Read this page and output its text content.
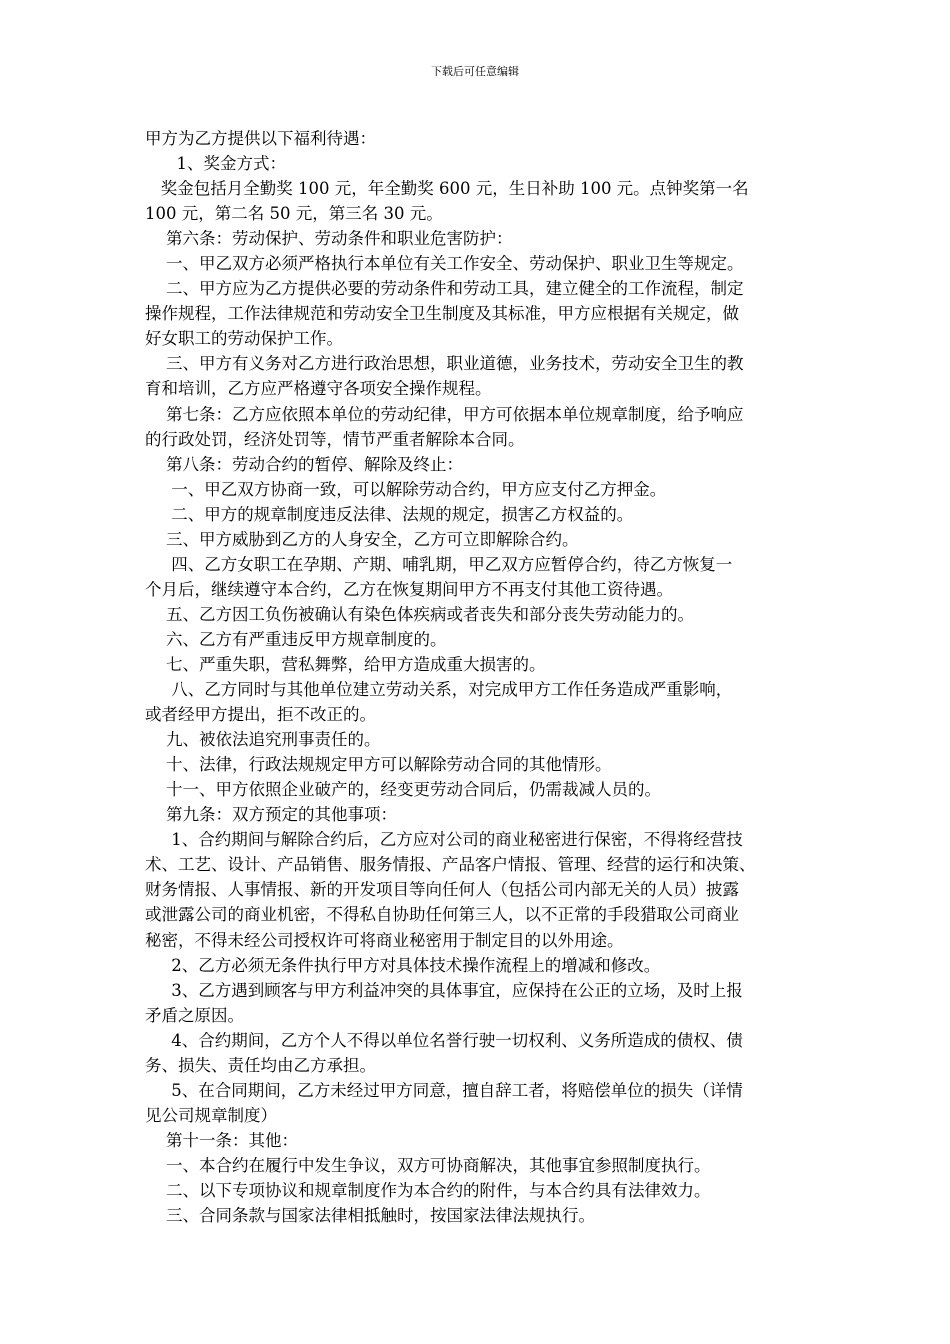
下载后可任意编辑
甲方为乙方提供以下福利待遇：
1、奖金方式：
奖金包括月全勤奖 100 元，年全勤奖 600 元，生日补助 100 元。点钟奖第一名
100 元，第二名 50 元，第三名 30 元。
第六条：劳动保护、劳动条件和职业危害防护：
一、甲乙双方必须严格执行本单位有关工作安全、劳动保护、职业卫生等规定。
二、甲方应为乙方提供必要的劳动条件和劳动工具，建立健全的工作流程，制定
操作规程，工作法律规范和劳动安全卫生制度及其标准，甲方应根据有关规定，做
好女职工的劳动保护工作。
三、甲方有义务对乙方进行政治思想，职业道德，业务技术，劳动安全卫生的教
育和培训，乙方应严格遵守各项安全操作规程。
第七条：乙方应依照本单位的劳动纪律，甲方可依据本单位规章制度，给予响应
的行政处罚，经济处罚等，情节严重者解除本合同。
第八条：劳动合约的暂停、解除及终止：
一、甲乙双方协商一致，可以解除劳动合约，甲方应支付乙方押金。
二、甲方的规章制度违反法律、法规的规定，损害乙方权益的。
三、甲方威胁到乙方的人身安全，乙方可立即解除合约。
四、乙方女职工在孕期、产期、哺乳期，甲乙双方应暂停合约，待乙方恢复一
个月后，继续遵守本合约，乙方在恢复期间甲方不再支付其他工资待遇。
五、乙方因工负伤被确认有染色体疾病或者丧失和部分丧失劳动能力的。
六、乙方有严重违反甲方规章制度的。
七、严重失职，营私舞弊，给甲方造成重大损害的。
八、乙方同时与其他单位建立劳动关系，对完成甲方工作任务造成严重影响，
或者经甲方提出，拒不改正的。
九、被依法追究刑事责任的。
十、法律，行政法规规定甲方可以解除劳动合同的其他情形。
十一、甲方依照企业破产的，经变更劳动合同后，仍需裁减人员的。
第九条：双方预定的其他事项：
1、合约期间与解除合约后，乙方应对公司的商业秘密进行保密，不得将经营技
术、工艺、设计、产品销售、服务情报、产品客户情报、管理、经营的运行和决策、
财务情报、人事情报、新的开发项目等向任何人（包括公司内部无关的人员）披露
或泄露公司的商业机密，不得私自协助任何第三人，以不正常的手段猎取公司商业
秘密，不得未经公司授权许可将商业秘密用于制定目的以外用途。
2、乙方必须无条件执行甲方对具体技术操作流程上的增减和修改。
3、乙方遇到顾客与甲方利益冲突的具体事宜，应保持在公正的立场，及时上报
矛盾之原因。
4、合约期间，乙方个人不得以单位名誉行驶一切权利、义务所造成的债权、债
务、损失、责任均由乙方承担。
5、在合同期间，乙方未经过甲方同意，擅自辞工者，将赔偿单位的损失（详情
见公司规章制度）
第十一条：其他：
一、本合约在履行中发生争议，双方可协商解决，其他事宜参照制度执行。
二、以下专项协议和规章制度作为本合约的附件，与本合约具有法律效力。
三、合同条款与国家法律相抵触时，按国家法律法规执行。
